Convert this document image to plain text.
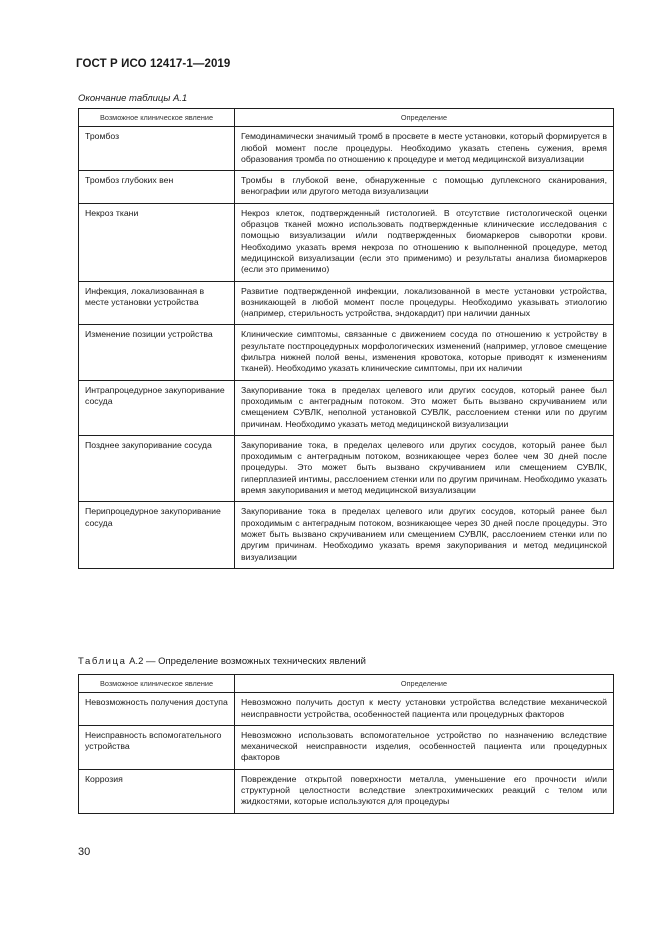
ГОСТ Р ИСО 12417-1—2019
Окончание таблицы А.1
Возможное клиническое явление	Определение
Тромбоз	Гемодинамически значимый тромб в просвете в месте установки, который формируется в любой момент после процедуры. Необходимо указать степень сужения, время образования тромба по отношению к процедуре и метод медицинской визуализации
Тромбоз глубоких вен	Тромбы в глубокой вене, обнаруженные с помощью дуплексного сканирования, венографии или другого метода визуализации
Некроз ткани	Некроз клеток, подтвержденный гистологией. В отсутствие гистологической оценки образцов тканей можно использовать подтвержденные клинические исследования с помощью визуализации и/или подтвержденных биомаркеров сыворотки крови. Необходимо указать время некроза по отношению к выполненной процедуре, метод медицинской визуализации (если это применимо) и результаты анализа биомаркеров (если это применимо)
Инфекция, локализованная в месте установки устройства	Развитие подтвержденной инфекции, локализованной в месте установки устройства, возникающей в любой момент после процедуры. Необходимо указывать этиологию (например, стерильность устройства, эндокардит) при наличии данных
Изменение позиции устройства	Клинические симптомы, связанные с движением сосуда по отношению к устройству в результате постпроцедурных морфологических изменений (например, угловое смещение фильтра нижней полой вены, изменения кровотока, которые приводят к изменениям тканей). Необходимо указать клинические симптомы, при их наличии
Интрапроцедурное закупоривание сосуда	Закупоривание тока в пределах целевого или других сосудов, который ранее был проходимым с антеградным потоком. Это может быть вызвано скручиванием или смещением СУВЛК, неполной установкой СУВЛК, расслоением стенки или по другим причинам. Необходимо указать метод медицинской визуализации
Позднее закупоривание сосуда	Закупоривание тока, в пределах целевого или других сосудов, который ранее был проходимым с антеградным потоком, возникающее через более чем 30 дней после процедуры. Это может быть вызвано скручиванием или смещением СУВЛК, гиперплазией интимы, расслоением стенки или по другим причинам. Необходимо указать время закупоривания и метод медицинской визуализации
Перипроцедурное закупоривание сосуда	Закупоривание тока в пределах целевого или других сосудов, который ранее был проходимым с антеградным потоком, возникающее через 30 дней после процедуры. Это может быть вызвано скручиванием или смещением СУВЛК, расслоением стенки или по другим причинам. Необходимо указать время закупоривания и метод медицинской визуализации
Таблица А.2 — Определение возможных технических явлений
Возможное клиническое явление	Определение
Невозможность получения доступа	Невозможно получить доступ к месту установки устройства вследствие механической неисправности устройства, особенностей пациента или процедурных факторов
Неисправность вспомогательного устройства	Невозможно использовать вспомогательное устройство по назначению вследствие механической неисправности изделия, особенностей пациента или процедурных факторов
Коррозия	Повреждение открытой поверхности металла, уменьшение его прочности и/или структурной целостности вследствие электрохимических реакций с телом или жидкостями, которые используются для процедуры
30
